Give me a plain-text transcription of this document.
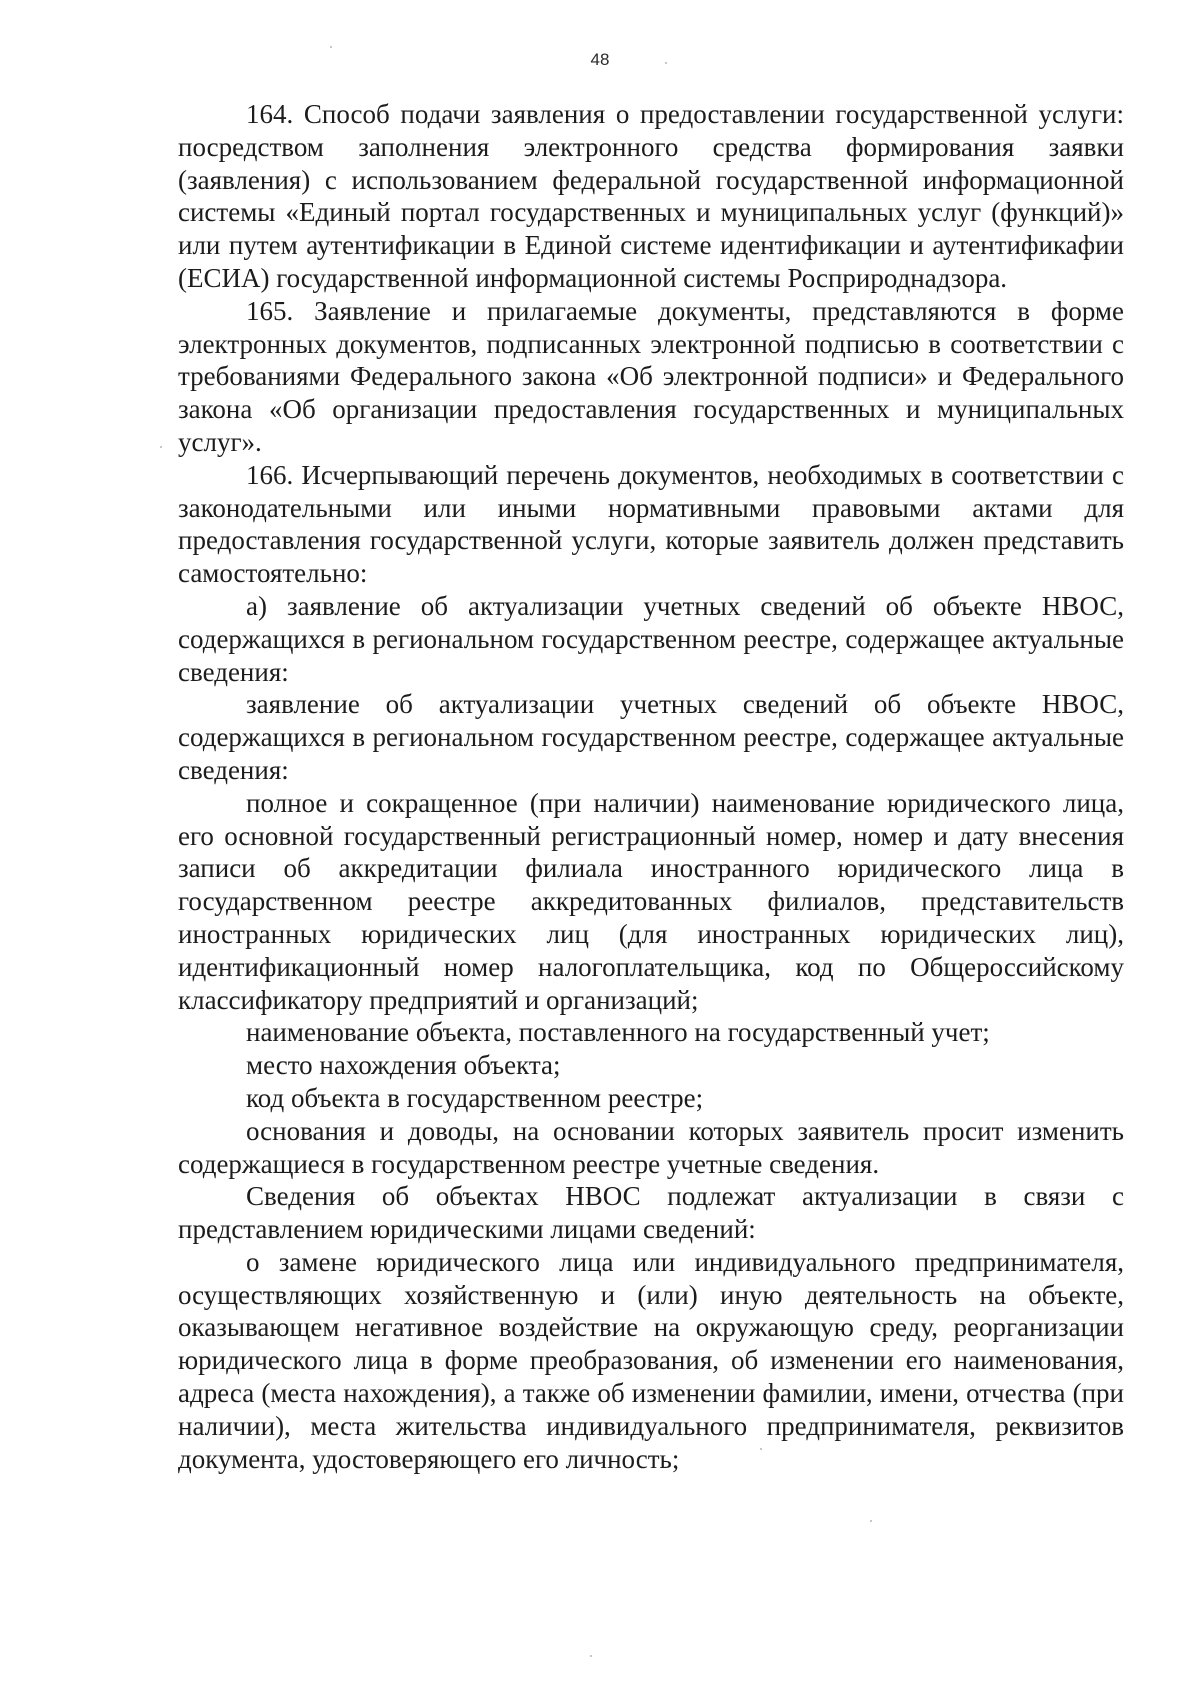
48

164. Способ подачи заявления о предоставлении государственной услуги: посредством заполнения электронного средства формирования заявки (заявления) с использованием федеральной государственной информационной системы «Единый портал государственных и муниципальных услуг (функций)» или путем аутентификации в Единой системе идентификации и аутентификафии (ЕСИА) государственной информационной системы Росприроднадзора.

165. Заявление и прилагаемые документы, представляются в форме электронных документов, подписанных электронной подписью в соответствии с требованиями Федерального закона «Об электронной подписи» и Федерального закона «Об организации предоставления государственных и муниципальных услуг».

166. Исчерпывающий перечень документов, необходимых в соответствии с законодательными или иными нормативными правовыми актами для предоставления государственной услуги, которые заявитель должен представить самостоятельно:

а) заявление об актуализации учетных сведений об объекте НВОС, содержащихся в региональном государственном реестре, содержащее актуальные сведения:

заявление об актуализации учетных сведений об объекте НВОС, содержащихся в региональном государственном реестре, содержащее актуальные сведения:

полное и сокращенное (при наличии) наименование юридического лица, его основной государственный регистрационный номер, номер и дату внесения записи об аккредитации филиала иностранного юридического лица в государственном реестре аккредитованных филиалов, представительств иностранных юридических лиц (для иностранных юридических лиц), идентификационный номер налогоплательщика, код по Общероссийскому классификатору предприятий и организаций;

наименование объекта, поставленного на государственный учет;

место нахождения объекта;

код объекта в государственном реестре;

основания и доводы, на основании которых заявитель просит изменить содержащиеся в государственном реестре учетные сведения.

Сведения об объектах НВОС подлежат актуализации в связи с представлением юридическими лицами сведений:

о замене юридического лица или индивидуального предпринимателя, осуществляющих хозяйственную и (или) иную деятельность на объекте, оказывающем негативное воздействие на окружающую среду, реорганизации юридического лица в форме преобразования, об изменении его наименования, адреса (места нахождения), а также об изменении фамилии, имени, отчества (при наличии), места жительства индивидуального предпринимателя, реквизитов документа, удостоверяющего его личность;
